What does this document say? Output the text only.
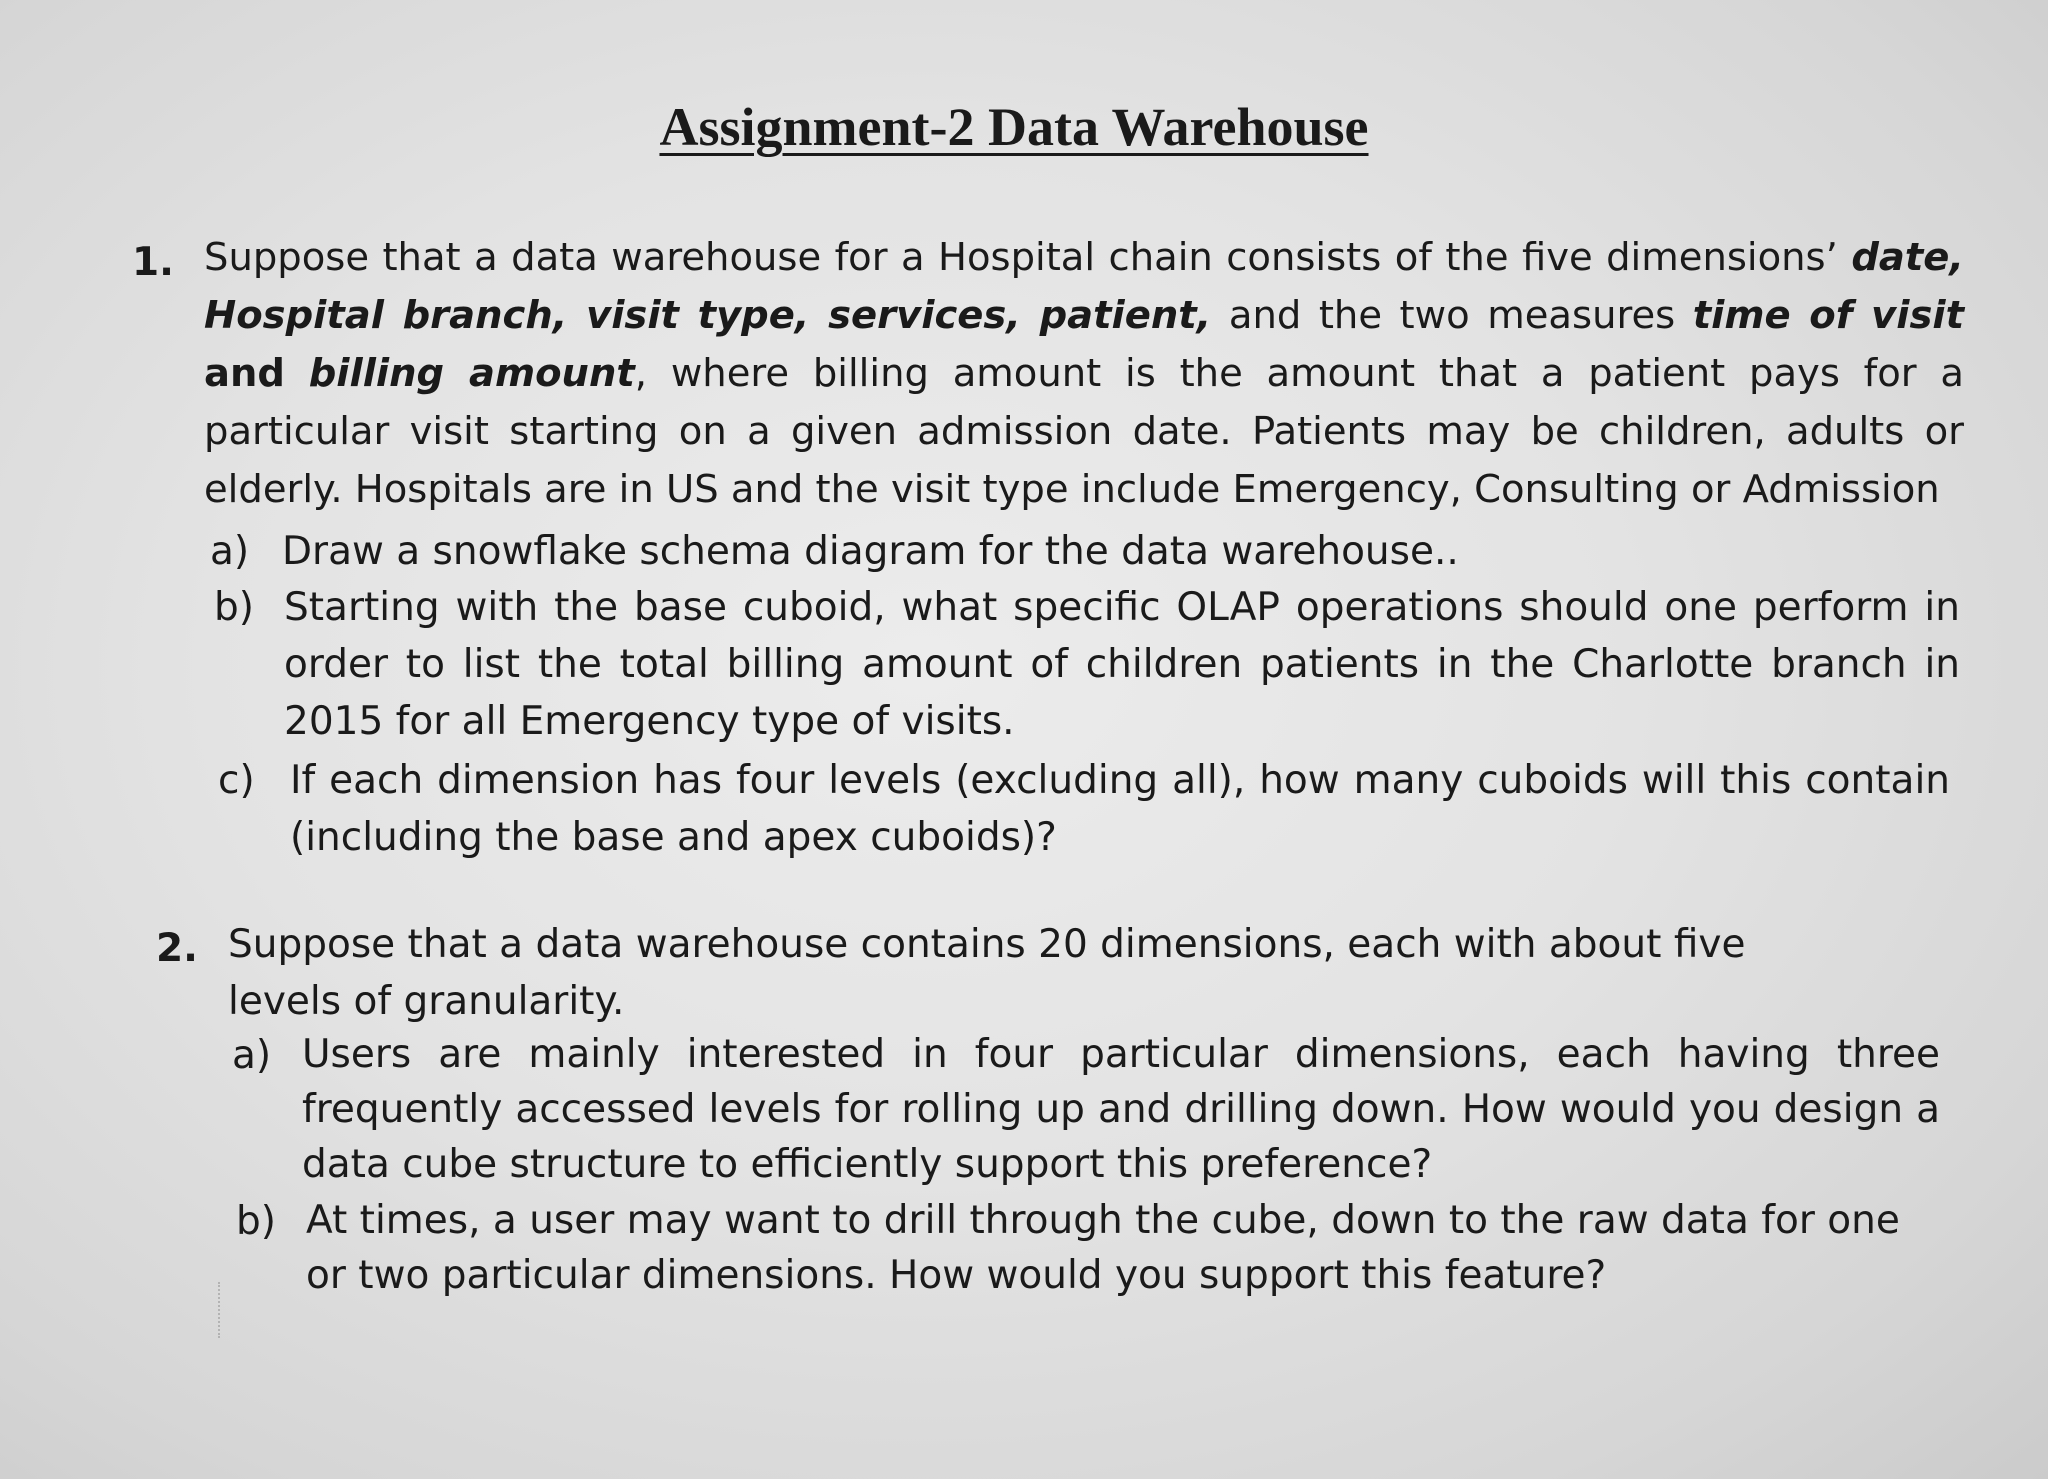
Assignment-2 Data Warehouse
1. Suppose that a data warehouse for a Hospital chain consists of the five dimensions’ date, Hospital branch, visit type, services, patient, and the two measures time of visit and billing amount, where billing amount is the amount that a patient pays for a particular visit starting on a given admission date. Patients may be children, adults or elderly. Hospitals are in US and the visit type include Emergency, Consulting or Admission
a) Draw a snowflake schema diagram for the data warehouse..
b) Starting with the base cuboid, what specific OLAP operations should one perform in order to list the total billing amount of children patients in the Charlotte branch in 2015 for all Emergency type of visits.
c) If each dimension has four levels (excluding all), how many cuboids will this contain (including the base and apex cuboids)?
2. Suppose that a data warehouse contains 20 dimensions, each with about five levels of granularity.
a) Users are mainly interested in four particular dimensions, each having three frequently accessed levels for rolling up and drilling down. How would you design a data cube structure to efficiently support this preference?
b) At times, a user may want to drill through the cube, down to the raw data for one or two particular dimensions. How would you support this feature?
